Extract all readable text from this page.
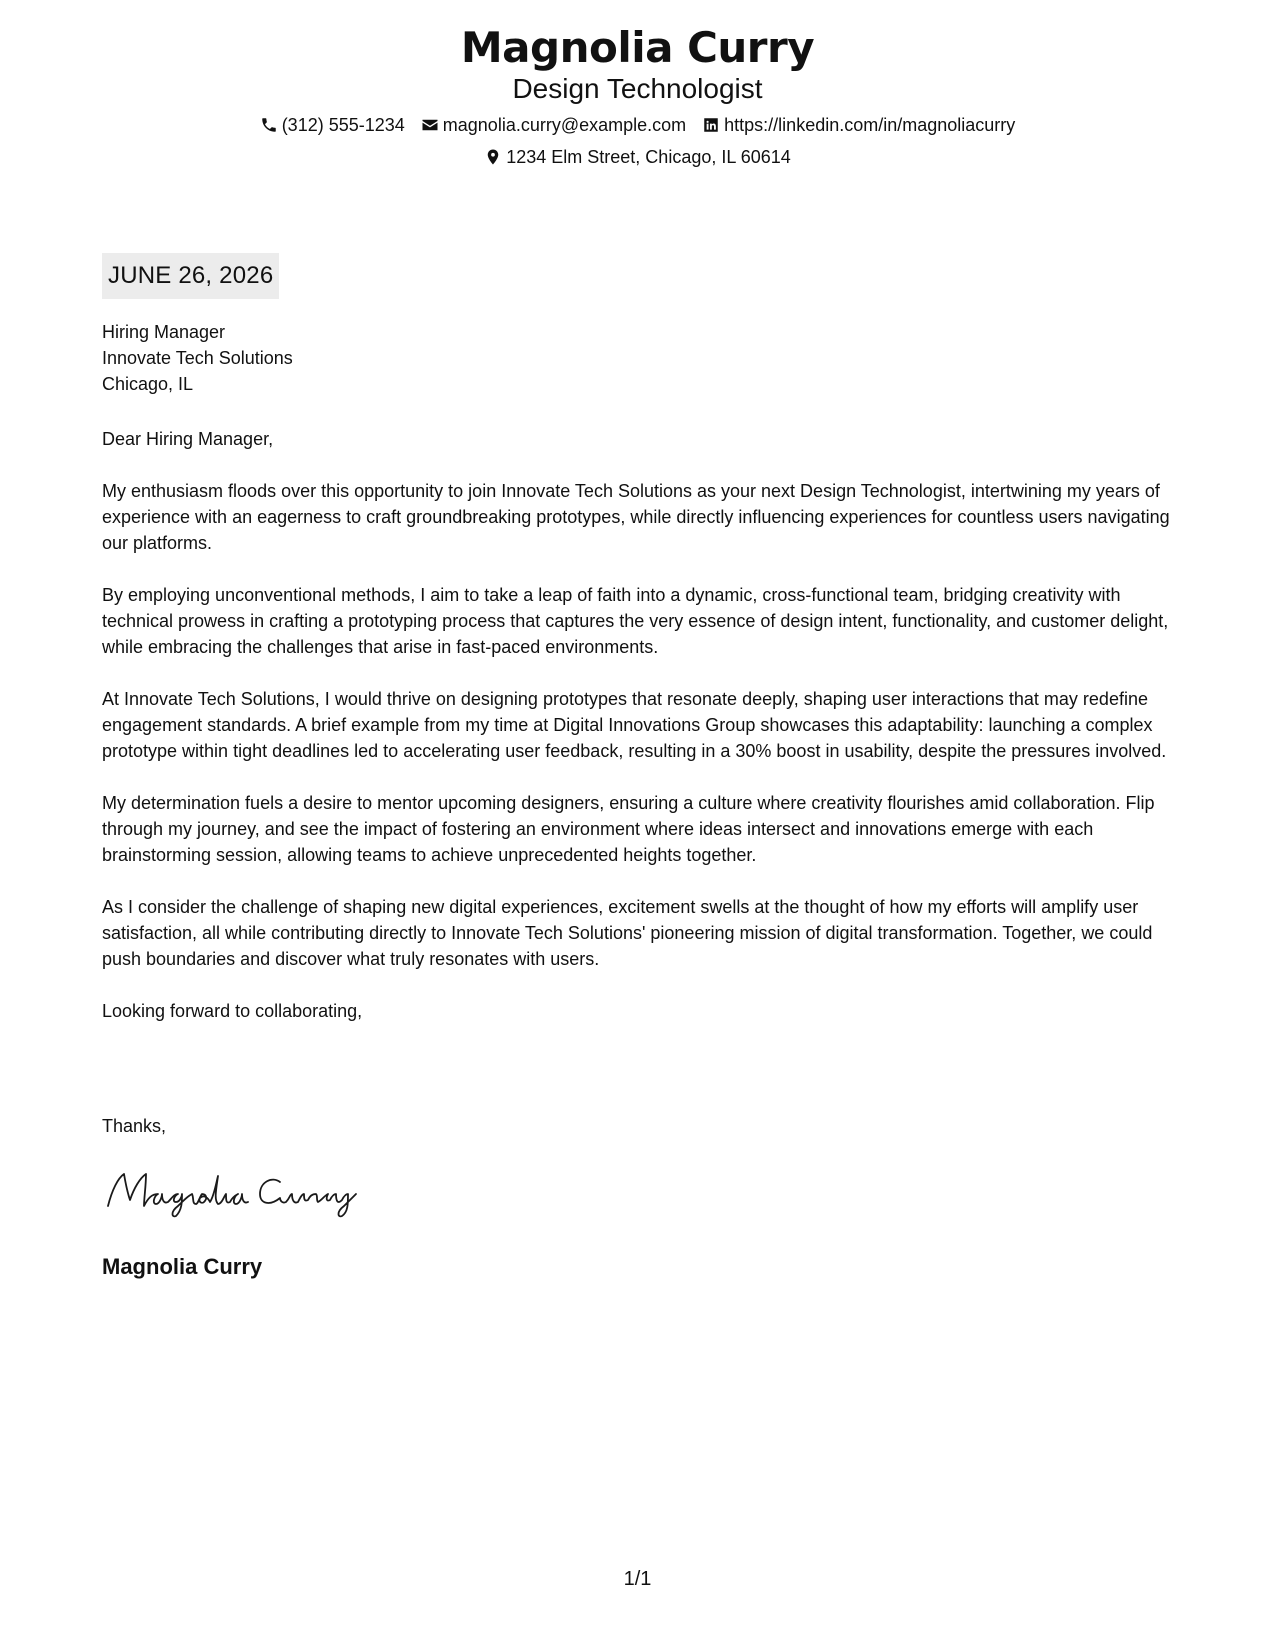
Magnolia Curry
Design Technologist
(312) 555-1234 magnolia.curry@example.com https://linkedin.com/in/magnoliacurry
1234 Elm Street, Chicago, IL 60614
JUNE 26, 2026
Hiring Manager
Innovate Tech Solutions
Chicago, IL

Dear Hiring Manager,

My enthusiasm floods over this opportunity to join Innovate Tech Solutions as your next Design Technologist, intertwining my years of experience with an eagerness to craft groundbreaking prototypes, while directly influencing experiences for countless users navigating our platforms.

By employing unconventional methods, I aim to take a leap of faith into a dynamic, cross-functional team, bridging creativity with technical prowess in crafting a prototyping process that captures the very essence of design intent, functionality, and customer delight, while embracing the challenges that arise in fast-paced environments.

At Innovate Tech Solutions, I would thrive on designing prototypes that resonate deeply, shaping user interactions that may redefine engagement standards. A brief example from my time at Digital Innovations Group showcases this adaptability: launching a complex prototype within tight deadlines led to accelerating user feedback, resulting in a 30% boost in usability, despite the pressures involved.

My determination fuels a desire to mentor upcoming designers, ensuring a culture where creativity flourishes amid collaboration. Flip through my journey, and see the impact of fostering an environment where ideas intersect and innovations emerge with each brainstorming session, allowing teams to achieve unprecedented heights together.

As I consider the challenge of shaping new digital experiences, excitement swells at the thought of how my efforts will amplify user satisfaction, all while contributing directly to Innovate Tech Solutions' pioneering mission of digital transformation. Together, we could push boundaries and discover what truly resonates with users.

Looking forward to collaborating,

Thanks,
Magnolia Curry
1/1
